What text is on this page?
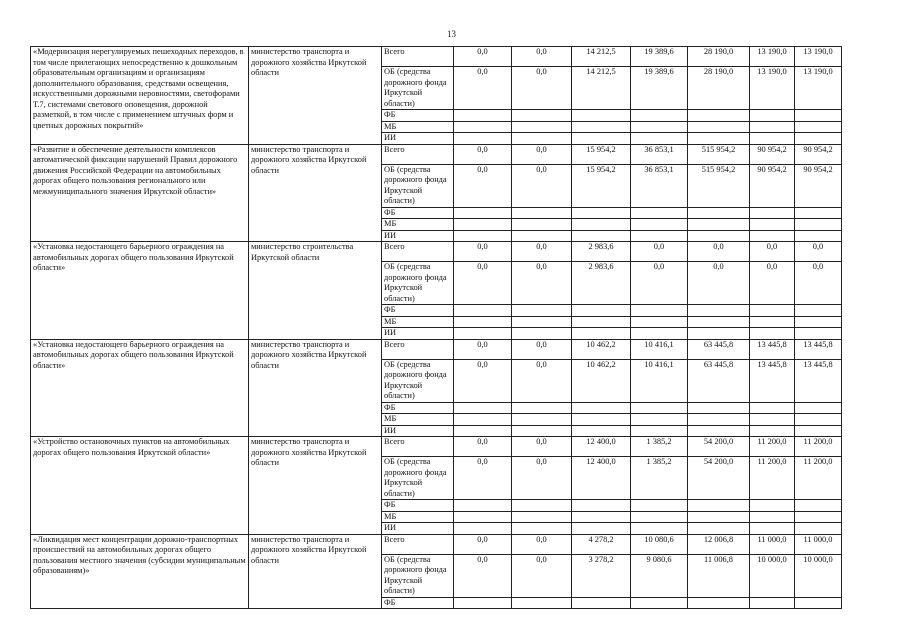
13
«Модернизация нерегулируемых пешеходных переходов, в том числе прилегающих непосредственно к дошкольным образовательным организациям и организациям дополнительного образования, средствами освещения, искусственными дорожными неровностями, светофорами Т.7, системами светового оповещения, дорожной разметкой, в том числе с применением штучных форм и цветных дорожных покрытий»	министерство транспорта и дорожного хозяйства Иркутской области	Всего	0,0	0,0	14 212,5	19 389,6	28 190,0	13 190,0	13 190,0
		ОБ (средства дорожного фонда Иркутской области)	0,0	0,0	14 212,5	19 389,6	28 190,0	13 190,0	13 190,0
		ФБ							
		МБ							
		ИИ							
«Развитие и обеспечение деятельности комплексов автоматической фиксации нарушений Правил дорожного движения Российской Федерации на автомобильных дорогах общего пользования регионального или межмуниципального значения Иркутской области»	министерство транспорта и дорожного хозяйства Иркутской области	Всего	0,0	0,0	15 954,2	36 853,1	515 954,2	90 954,2	90 954,2
		ОБ (средства дорожного фонда Иркутской области)	0,0	0,0	15 954,2	36 853,1	515 954,2	90 954,2	90 954,2
		ФБ							
		МБ							
		ИИ							
«Установка недостающего барьерного ограждения на автомобильных дорогах общего пользования Иркутской области»	министерство строительства Иркутской области	Всего	0,0	0,0	2 983,6	0,0	0,0	0,0	0,0
		ОБ (средства дорожного фонда Иркутской области)	0,0	0,0	2 983,6	0,0	0,0	0,0	0,0
		ФБ							
		МБ							
		ИИ							
«Установка недостающего барьерного ограждения на автомобильных дорогах общего пользования Иркутской области»	министерство транспорта и дорожного хозяйства Иркутской области	Всего	0,0	0,0	10 462,2	10 416,1	63 445,8	13 445,8	13 445,8
		ОБ (средства дорожного фонда Иркутской области)	0,0	0,0	10 462,2	10 416,1	63 445,8	13 445,8	13 445,8
		ФБ							
		МБ							
		ИИ							
«Устройство остановочных пунктов на автомобильных дорогах общего пользования Иркутской области»	министерство транспорта и дорожного хозяйства Иркутской области	Всего	0,0	0,0	12 400,0	1 385,2	54 200,0	11 200,0	11 200,0
		ОБ (средства дорожного фонда Иркутской области)	0,0	0,0	12 400,0	1 385,2	54 200,0	11 200,0	11 200,0
		ФБ							
		МБ							
		ИИ							
«Ликвидация мест концентрации дорожно-транспортных происшествий на автомобильных дорогах общего пользования местного значения (субсидии муниципальным образованиям)»	министерство транспорта и дорожного хозяйства Иркутской области	Всего	0,0	0,0	4 278,2	10 080,6	12 006,8	11 000,0	11 000,0
		ОБ (средства дорожного фонда Иркутской области)	0,0	0,0	3 278,2	9 080,6	11 006,8	10 000,0	10 000,0
		ФБ							
